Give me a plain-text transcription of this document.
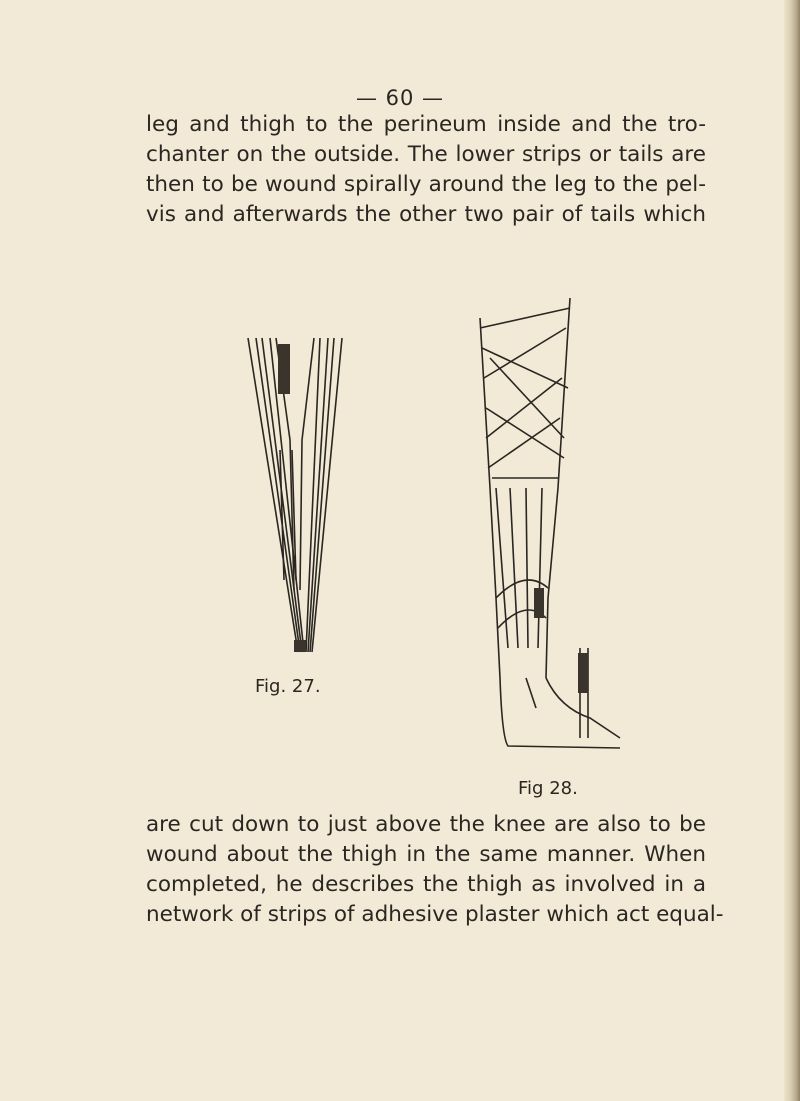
— 60 —
leg and thigh to the perineum inside and the tro-
chanter on the outside. The lower strips or tails are
then to be wound spirally around the leg to the pel-
vis and afterwards the other two pair of tails which
Fig. 27.
Fig 28.
are cut down to just above the knee are also to be
wound about the thigh in the same manner. When
completed, he describes the thigh as involved in a
network of strips of adhesive plaster which act equal-
